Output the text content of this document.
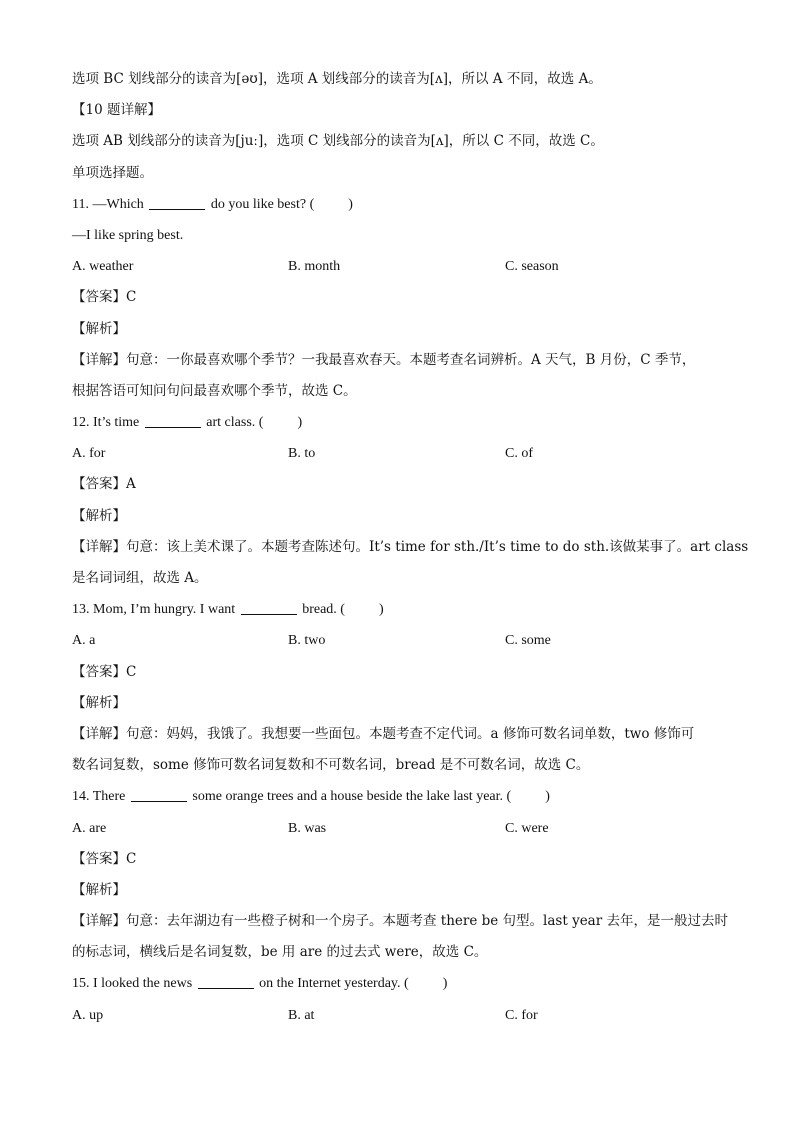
选项 BC 划线部分的读音为[əʊ]，选项 A 划线部分的读音为[ʌ]，所以 A 不同，故选 A。
【10 题详解】
选项 AB 划线部分的读音为[juː]，选项 C 划线部分的读音为[ʌ]，所以 C 不同，故选 C。
单项选择题。
11. —Which	do you like best? ( )
—I like spring best.
A. weather	B. month	C. season
【答案】C
【解析】
【详解】句意：一你最喜欢哪个季节？一我最喜欢春天。本题考查名词辨析。A 天气，B 月份，C 季节，
根据答语可知问句问最喜欢哪个季节，故选 C。
12. It’s time	art class. ( )
A. for	B. to	C. of
【答案】A
【解析】
【详解】句意：该上美术课了。本题考查陈述句。It’s time for sth./It’s time to do sth.该做某事了。art class
是名词词组，故选 A。
13. Mom, I’m hungry. I want	bread. ( )
A. a	B. two	C. some
【答案】C
【解析】
【详解】句意：妈妈，我饿了。我想要一些面包。本题考查不定代词。a 修饰可数名词单数，two 修饰可
数名词复数，some 修饰可数名词复数和不可数名词，bread 是不可数名词，故选 C。
14. There	some orange trees and a house beside the lake last year. ( )
A. are	B. was	C. were
【答案】C
【解析】
【详解】句意：去年湖边有一些橙子树和一个房子。本题考查 there be 句型。last year 去年，是一般过去时
的标志词，横线后是名词复数，be 用 are 的过去式 were，故选 C。
15. I looked the news	on the Internet yesterday. ( )
A. up	B. at	C. for
